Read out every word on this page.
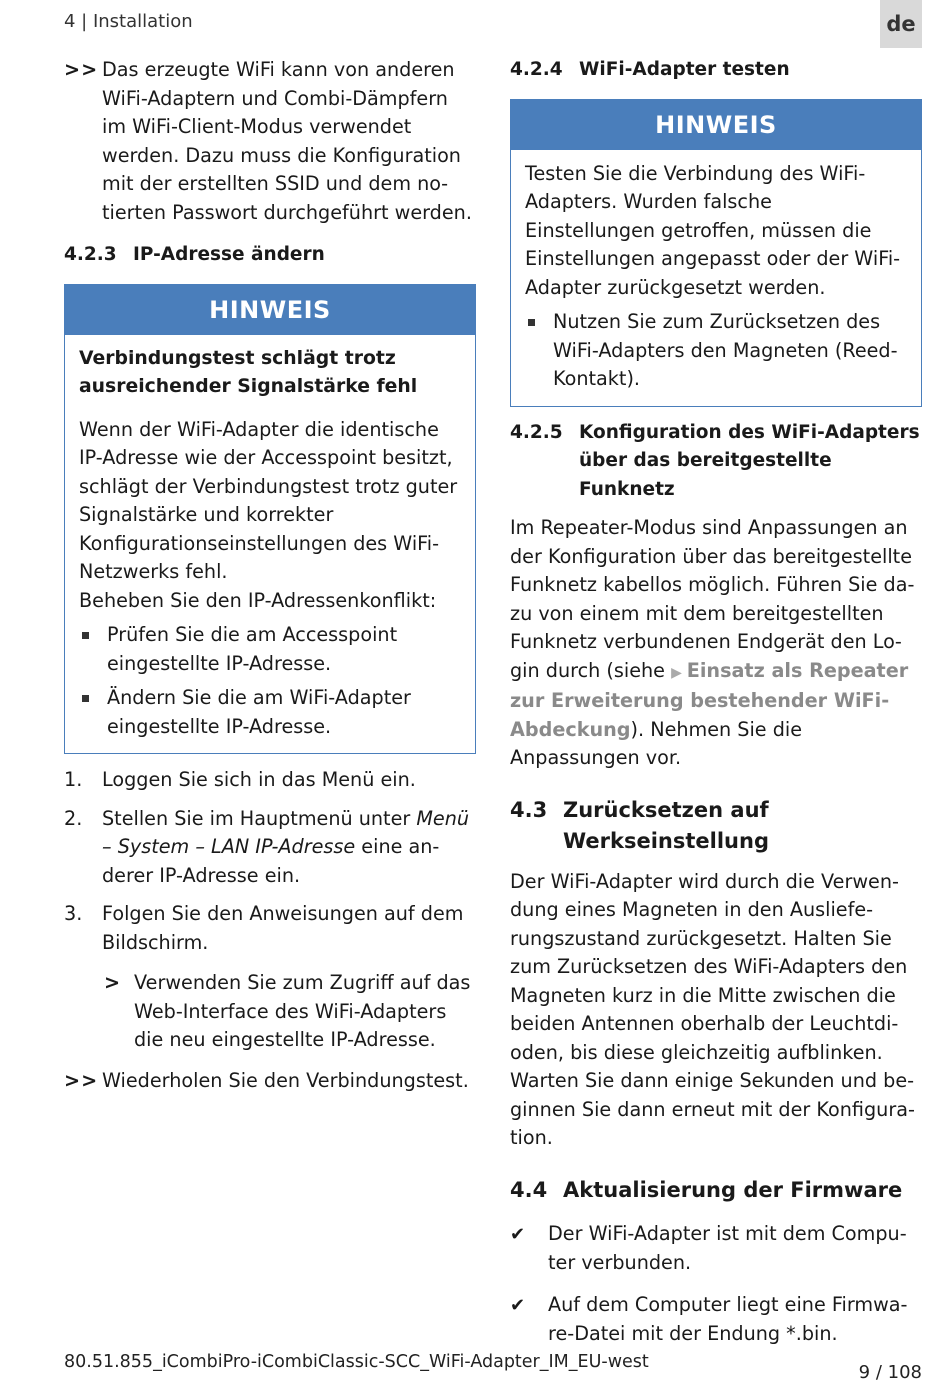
4 | Installation	de
>> Das erzeugte WiFi kann von anderen WiFi-Adaptern und Combi-Dämpfern im WiFi-Client-Modus verwendet werden. Dazu muss die Konfiguration mit der erstellten SSID und dem notierten Passwort durchgeführt werden.
4.2.3 IP-Adresse ändern
HINWEIS
Verbindungstest schlägt trotz ausreichender Signalstärke fehl
Wenn der WiFi-Adapter die identische IP-Adresse wie der Accesspoint besitzt, schlägt der Verbindungstest trotz guter Signalstärke und korrekter Konfigurationseinstellungen des WiFi-Netzwerks fehl.
Beheben Sie den IP-Adressenkonflikt:
Prüfen Sie die am Accesspoint eingestellte IP-Adresse.
Ändern Sie die am WiFi-Adapter eingestellte IP-Adresse.
1. Loggen Sie sich in das Menü ein.
2. Stellen Sie im Hauptmenü unter Menü – System – LAN IP-Adresse eine anderer IP-Adresse ein.
3. Folgen Sie den Anweisungen auf dem Bildschirm.
> Verwenden Sie zum Zugriff auf das Web-Interface des WiFi-Adapters die neu eingestellte IP-Adresse.
>> Wiederholen Sie den Verbindungstest.
4.2.4 WiFi-Adapter testen
HINWEIS
Testen Sie die Verbindung des WiFi-Adapters. Wurden falsche Einstellungen getroffen, müssen die Einstellungen angepasst oder der WiFi-Adapter zurückgesetzt werden.
Nutzen Sie zum Zurücksetzen des WiFi-Adapters den Magneten (Reed-Kontakt).
4.2.5 Konfiguration des WiFi-Adapters über das bereitgestellte Funknetz
Im Repeater-Modus sind Anpassungen an der Konfiguration über das bereitgestellte Funknetz kabellos möglich. Führen Sie dazu von einem mit dem bereitgestellten Funknetz verbundenen Endgerät den Login durch (siehe ▶ Einsatz als Repeater zur Erweiterung bestehender WiFi-Abdeckung). Nehmen Sie die Anpassungen vor.
4.3 Zurücksetzen auf Werkseinstellung
Der WiFi-Adapter wird durch die Verwendung eines Magneten in den Auslieferungszustand zurückgesetzt. Halten Sie zum Zurücksetzen des WiFi-Adapters den Magneten kurz in die Mitte zwischen die beiden Antennen oberhalb der Leuchtdioden, bis diese gleichzeitig aufblinken. Warten Sie dann einige Sekunden und beginnen Sie dann erneut mit der Konfiguration.
4.4 Aktualisierung der Firmware
✔ Der WiFi-Adapter ist mit dem Computer verbunden.
✔ Auf dem Computer liegt eine Firmware-Datei mit der Endung *.bin.
80.51.855_iCombiPro-iCombiClassic-SCC_WiFi-Adapter_IM_EU-west	9 / 108
